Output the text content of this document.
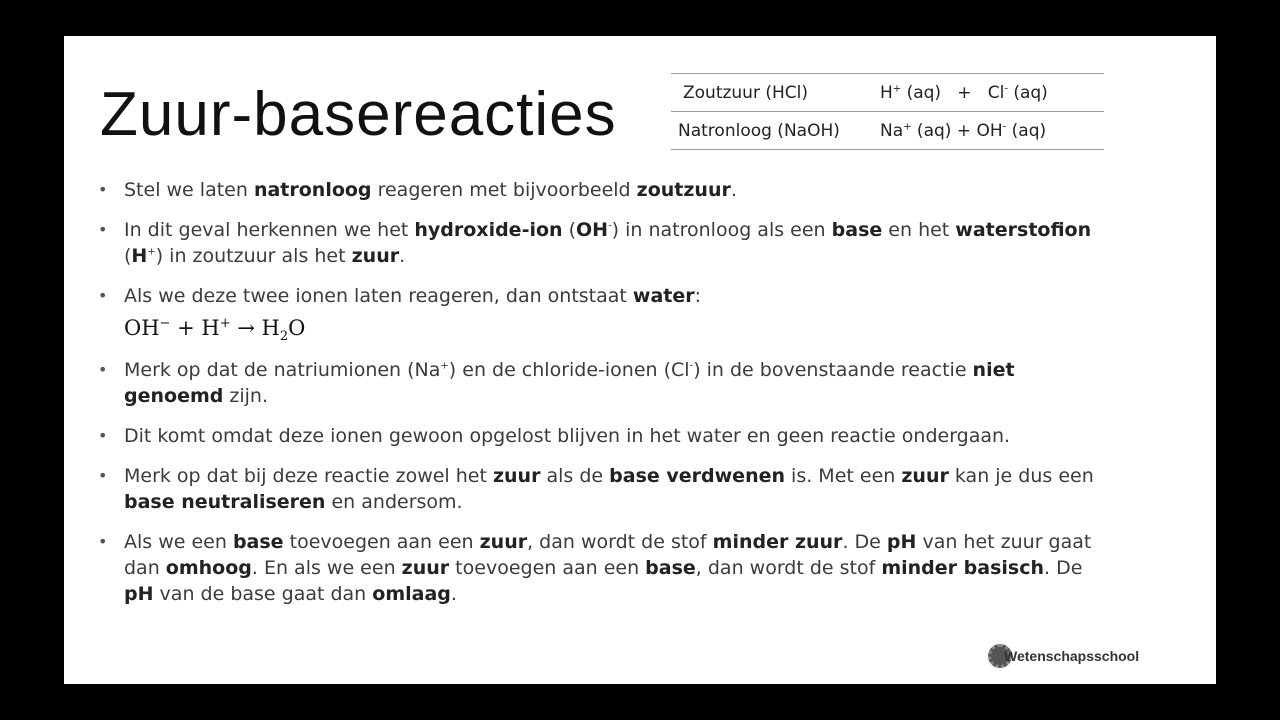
Zuur-basereacties	Zoutzuur (HCl)	H+ (aq)   +   Cl- (aq)
Natronloog (NaOH)	Na+ (aq) + OH- (aq)
• Stel we laten natronloog reageren met bijvoorbeeld zoutzuur.
• In dit geval herkennen we het hydroxide-ion (OH-) in natronloog als een base en het waterstofion (H+) in zoutzuur als het zuur.
• Als we deze twee ionen laten reageren, dan ontstaat water:
$OH^- + H^+ \to H_2O$
• Merk op dat de natriumionen (Na+) en de chloride-ionen (Cl-) in de bovenstaande reactie niet genoemd zijn.
• Dit komt omdat deze ionen gewoon opgelost blijven in het water en geen reactie ondergaan.
• Merk op dat bij deze reactie zowel het zuur als de base verdwenen is. Met een zuur kan je dus een base neutraliseren en andersom.
• Als we een base toevoegen aan een zuur, dan wordt de stof minder zuur. De pH van het zuur gaat dan omhoog. En als we een zuur toevoegen aan een base, dan wordt de stof minder basisch. De pH van de base gaat dan omlaag.
Wetenschapsschool
